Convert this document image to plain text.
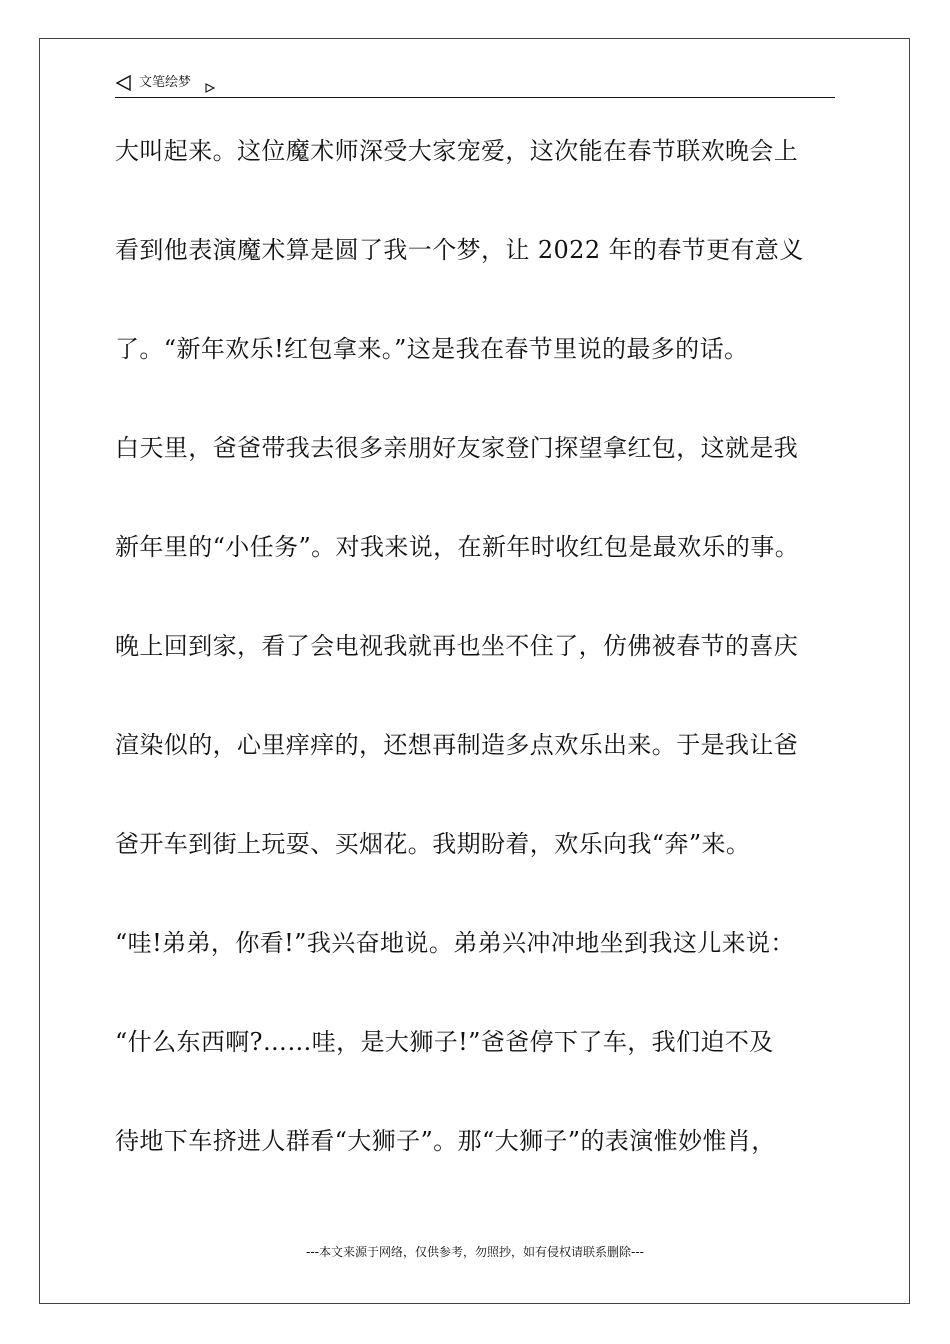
文笔绘梦
大叫起来。这位魔术师深受大家宠爱，这次能在春节联欢晚会上
看到他表演魔术算是圆了我一个梦，让 2022 年的春节更有意义
了。“新年欢乐!红包拿来。”这是我在春节里说的最多的话。
白天里，爸爸带我去很多亲朋好友家登门探望拿红包，这就是我
新年里的“小任务”。对我来说，在新年时收红包是最欢乐的事。
晚上回到家，看了会电视我就再也坐不住了，仿佛被春节的喜庆
渲染似的，心里痒痒的，还想再制造多点欢乐出来。于是我让爸
爸开车到街上玩耍、买烟花。我期盼着，欢乐向我“奔”来。
“哇!弟弟，你看!”我兴奋地说。弟弟兴冲冲地坐到我这儿来说：
“什么东西啊?……哇，是大狮子!”爸爸停下了车，我们迫不及
待地下车挤进人群看“大狮子”。那“大狮子”的表演惟妙惟肖，
---本文来源于网络，仅供参考，勿照抄，如有侵权请联系删除---
